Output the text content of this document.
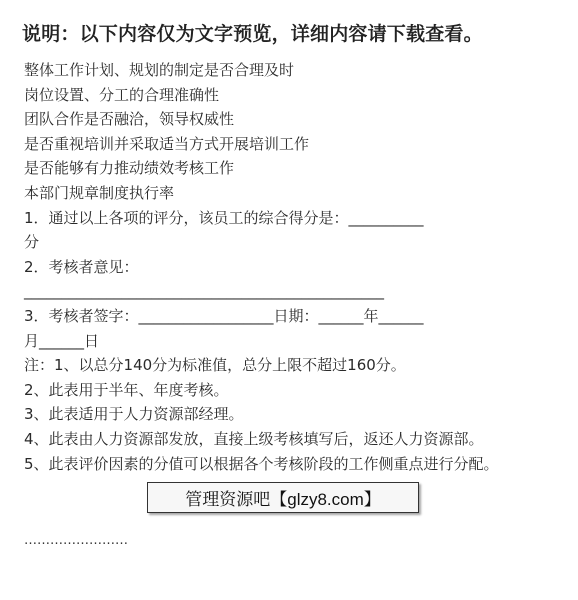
说明：以下内容仅为文字预览，详细内容请下载查看。
整体工作计划、规划的制定是否合理及时
岗位设置、分工的合理准确性
团队合作是否融洽，领导权威性
是否重视培训并采取适当方式开展培训工作
是否能够有力推动绩效考核工作
本部门规章制度执行率
1．通过以上各项的评分，该员工的综合得分是：__________
分
2．考核者意见：
________________________________________________
3．考核者签字：__________________日期：______年______
月______日
注：1、以总分140分为标准值，总分上限不超过160分。
2、此表用于半年、年度考核。
3、此表适用于人力资源部经理。
4、此表由人力资源部发放，直接上级考核填写后，返还人力资源部。
5、此表评价因素的分值可以根据各个考核阶段的工作侧重点进行分配。
……………………
管理资源吧【glzy8.com】
